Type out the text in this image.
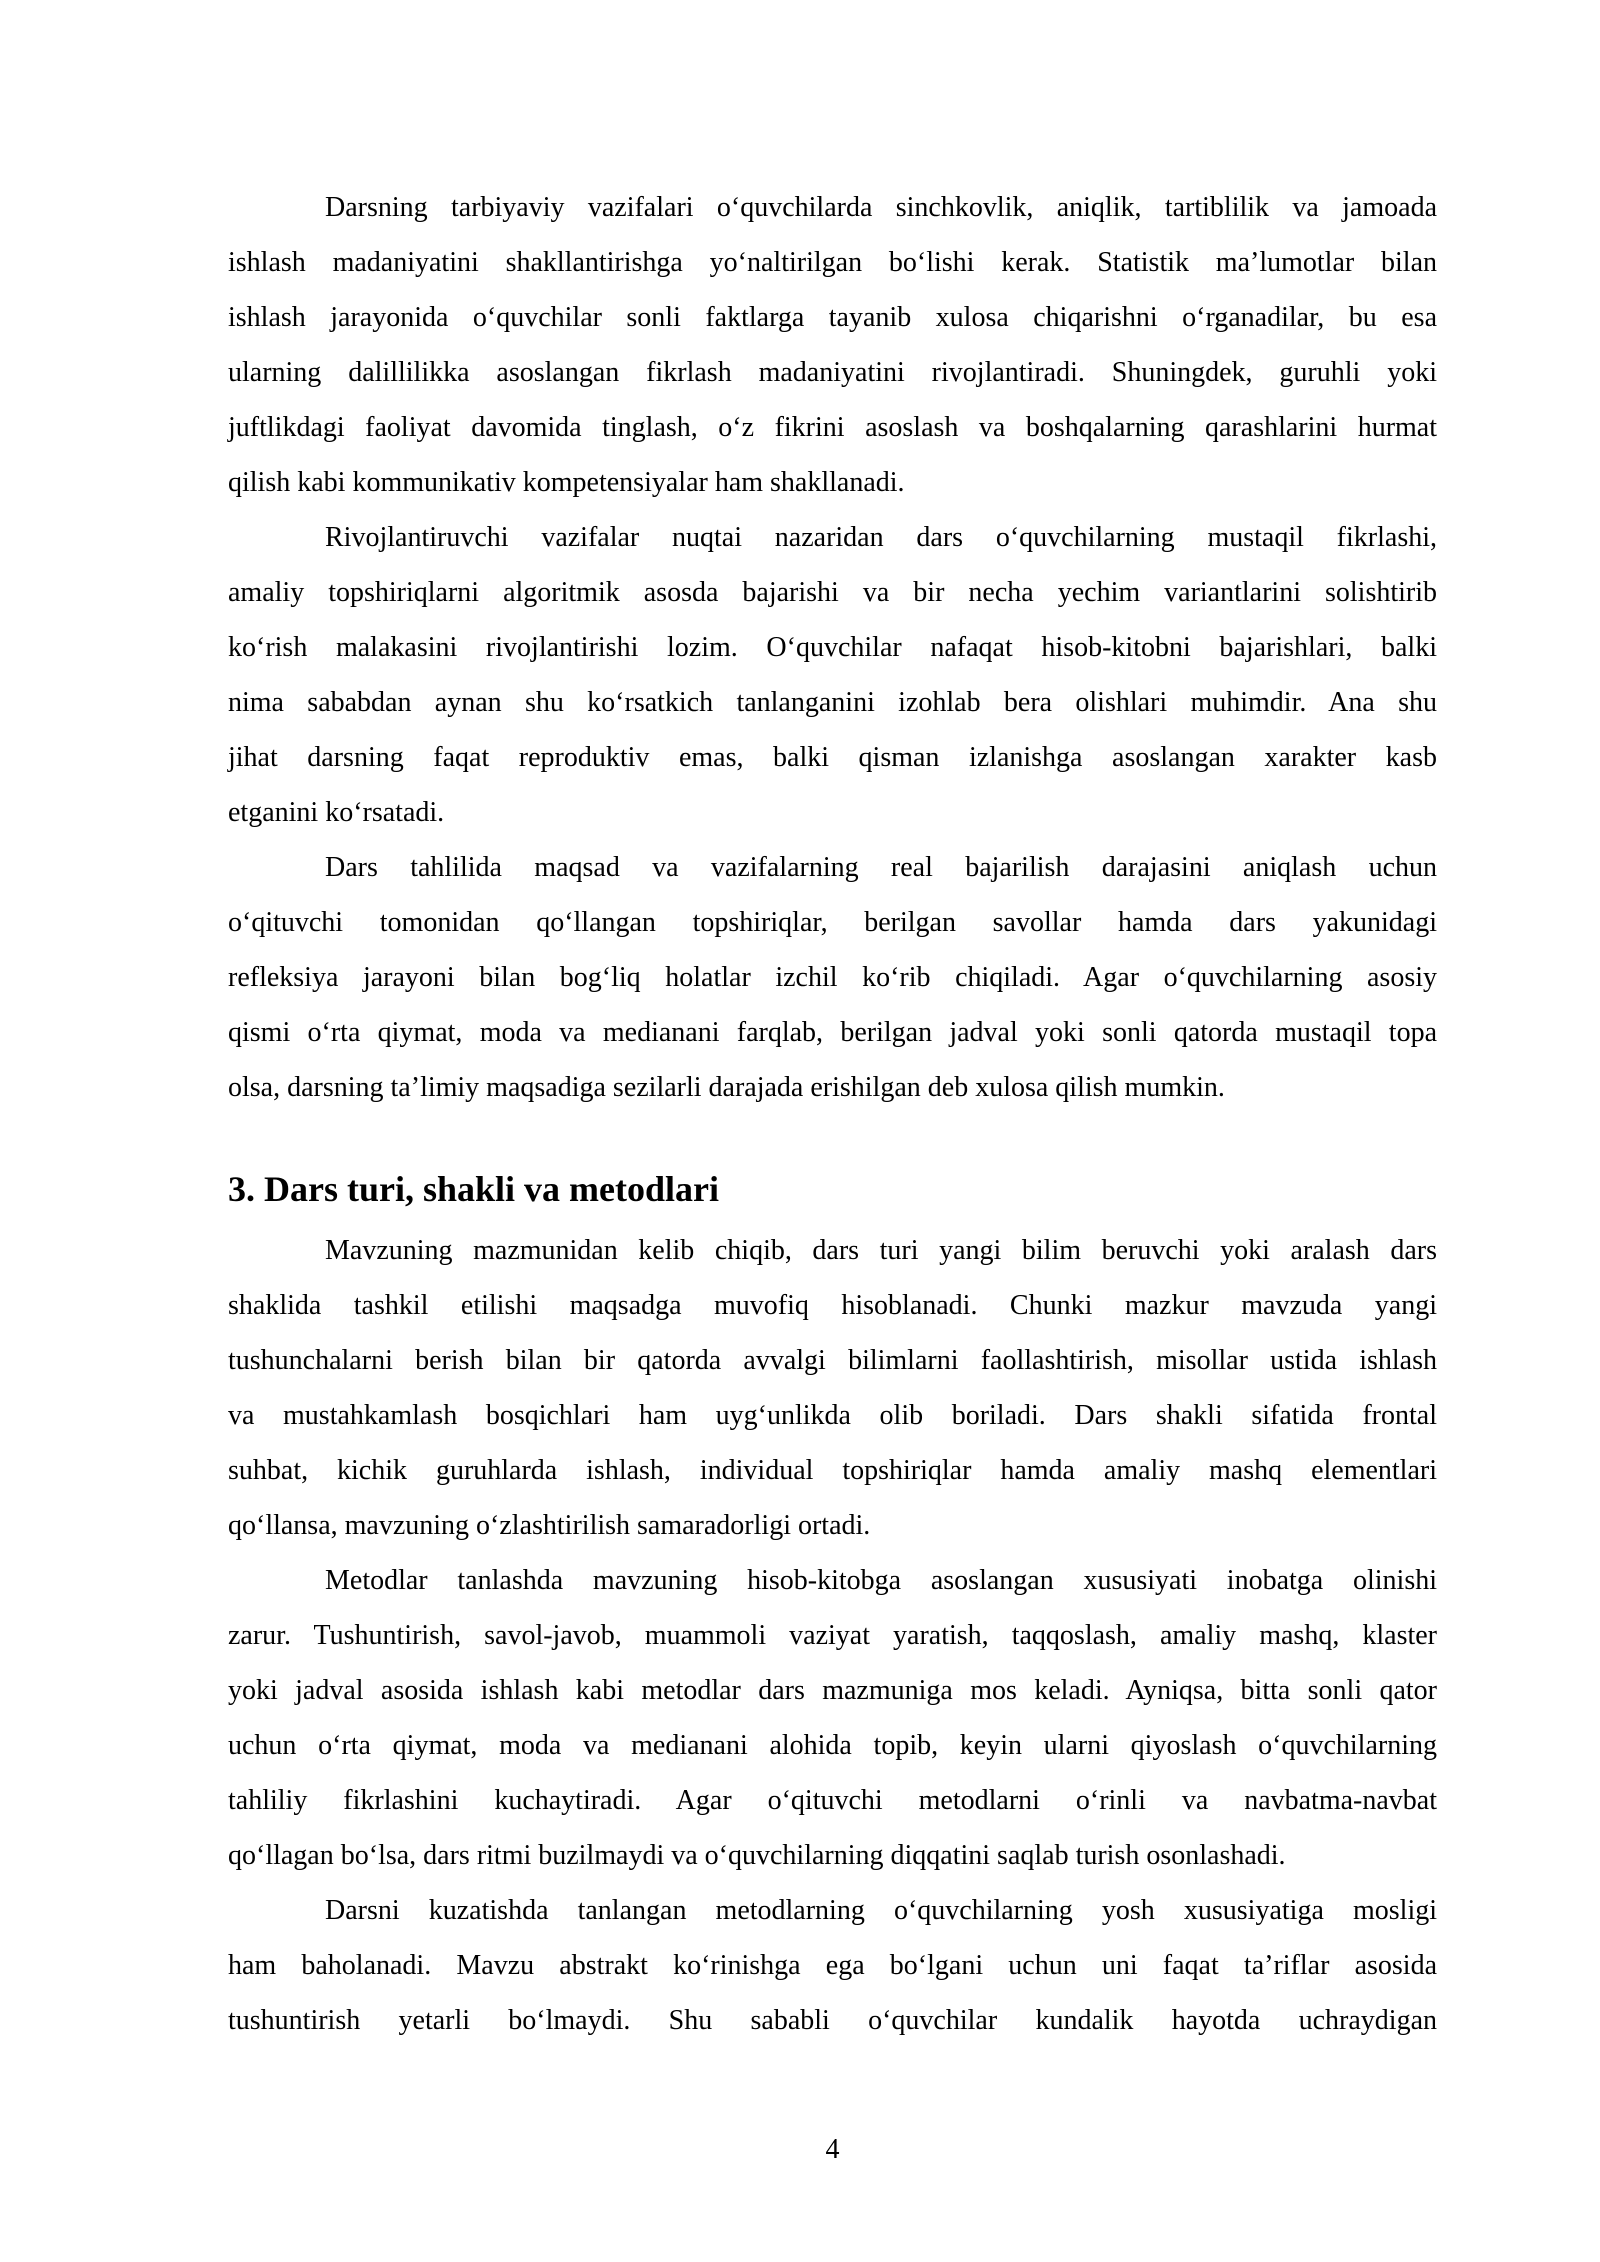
Darsning tarbiyaviy vazifalari oʻquvchilarda sinchkovlik, aniqlik, tartiblilik va jamoada
ishlash madaniyatini shakllantirishga yoʻnaltirilgan boʻlishi kerak. Statistik maʼlumotlar bilan
ishlash jarayonida oʻquvchilar sonli faktlarga tayanib xulosa chiqarishni oʻrganadilar, bu esa
ularning dalillilikka asoslangan fikrlash madaniyatini rivojlantiradi. Shuningdek, guruhli yoki
juftlikdagi faoliyat davomida tinglash, oʻz fikrini asoslash va boshqalarning qarashlarini hurmat
qilish kabi kommunikativ kompetensiyalar ham shakllanadi.
Rivojlantiruvchi vazifalar nuqtai nazaridan dars oʻquvchilarning mustaqil fikrlashi,
amaliy topshiriqlarni algoritmik asosda bajarishi va bir necha yechim variantlarini solishtirib
koʻrish malakasini rivojlantirishi lozim. Oʻquvchilar nafaqat hisob-kitobni bajarishlari, balki
nima sababdan aynan shu koʻrsatkich tanlanganini izohlab bera olishlari muhimdir. Ana shu
jihat darsning faqat reproduktiv emas, balki qisman izlanishga asoslangan xarakter kasb
etganini koʻrsatadi.
Dars tahlilida maqsad va vazifalarning real bajarilish darajasini aniqlash uchun
oʻqituvchi tomonidan qoʻllangan topshiriqlar, berilgan savollar hamda dars yakunidagi
refleksiya jarayoni bilan bogʻliq holatlar izchil koʻrib chiqiladi. Agar oʻquvchilarning asosiy
qismi oʻrta qiymat, moda va medianani farqlab, berilgan jadval yoki sonli qatorda mustaqil topa
olsa, darsning taʼlimiy maqsadiga sezilarli darajada erishilgan deb xulosa qilish mumkin.
3. Dars turi, shakli va metodlari
Mavzuning mazmunidan kelib chiqib, dars turi yangi bilim beruvchi yoki aralash dars
shaklida tashkil etilishi maqsadga muvofiq hisoblanadi. Chunki mazkur mavzuda yangi
tushunchalarni berish bilan bir qatorda avvalgi bilimlarni faollashtirish, misollar ustida ishlash
va mustahkamlash bosqichlari ham uygʻunlikda olib boriladi. Dars shakli sifatida frontal
suhbat, kichik guruhlarda ishlash, individual topshiriqlar hamda amaliy mashq elementlari
qoʻllansa, mavzuning oʻzlashtirilish samaradorligi ortadi.
Metodlar tanlashda mavzuning hisob-kitobga asoslangan xususiyati inobatga olinishi
zarur. Tushuntirish, savol-javob, muammoli vaziyat yaratish, taqqoslash, amaliy mashq, klaster
yoki jadval asosida ishlash kabi metodlar dars mazmuniga mos keladi. Ayniqsa, bitta sonli qator
uchun oʻrta qiymat, moda va medianani alohida topib, keyin ularni qiyoslash oʻquvchilarning
tahliliy fikrlashini kuchaytiradi. Agar oʻqituvchi metodlarni oʻrinli va navbatma-navbat
qoʻllagan boʻlsa, dars ritmi buzilmaydi va oʻquvchilarning diqqatini saqlab turish osonlashadi.
Darsni kuzatishda tanlangan metodlarning oʻquvchilarning yosh xususiyatiga mosligi
ham baholanadi. Mavzu abstrakt koʻrinishga ega boʻlgani uchun uni faqat taʼriflar asosida
tushuntirish yetarli boʻlmaydi. Shu sababli oʻquvchilar kundalik hayotda uchraydigan
4
